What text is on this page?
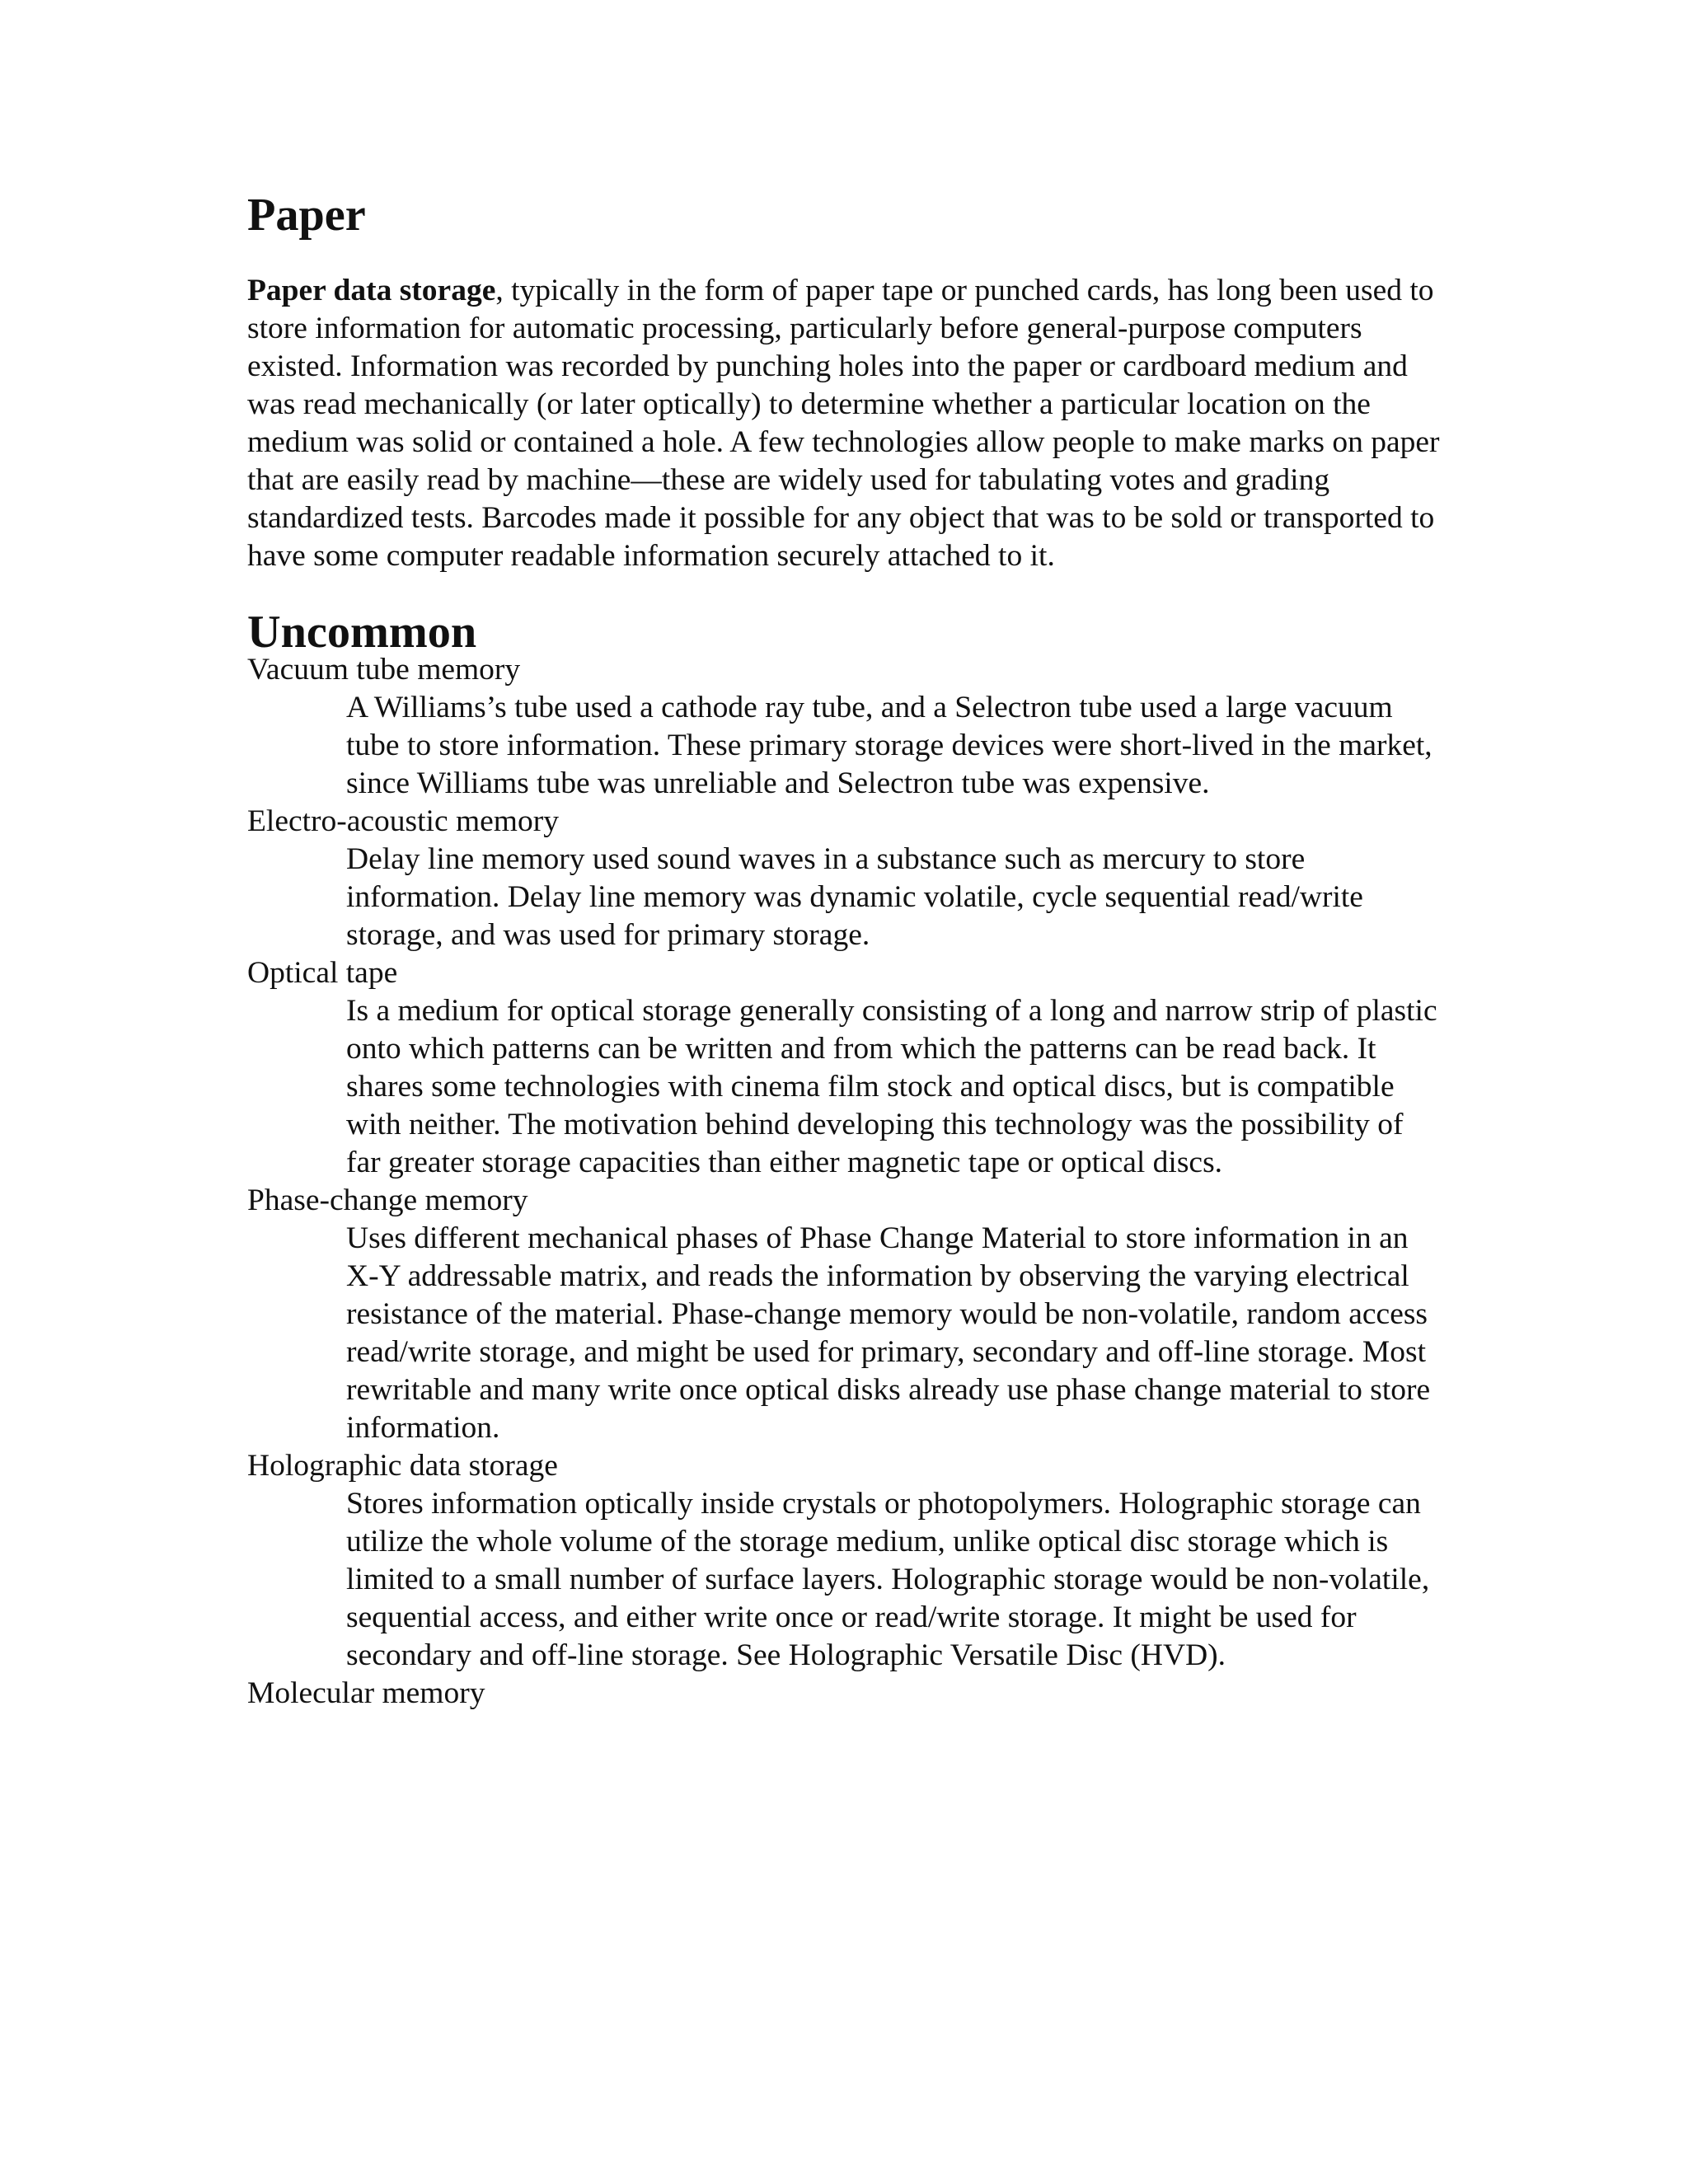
Paper

Paper data storage, typically in the form of paper tape or punched cards, has long been used to store information for automatic processing, particularly before general-purpose computers existed. Information was recorded by punching holes into the paper or cardboard medium and was read mechanically (or later optically) to determine whether a particular location on the medium was solid or contained a hole. A few technologies allow people to make marks on paper that are easily read by machine—these are widely used for tabulating votes and grading standardized tests. Barcodes made it possible for any object that was to be sold or transported to have some computer readable information securely attached to it.

Uncommon
Vacuum tube memory
A Williams’s tube used a cathode ray tube, and a Selectron tube used a large vacuum tube to store information. These primary storage devices were short-lived in the market, since Williams tube was unreliable and Selectron tube was expensive.
Electro-acoustic memory
Delay line memory used sound waves in a substance such as mercury to store information. Delay line memory was dynamic volatile, cycle sequential read/write storage, and was used for primary storage.
Optical tape
Is a medium for optical storage generally consisting of a long and narrow strip of plastic onto which patterns can be written and from which the patterns can be read back. It shares some technologies with cinema film stock and optical discs, but is compatible with neither. The motivation behind developing this technology was the possibility of far greater storage capacities than either magnetic tape or optical discs.
Phase-change memory
Uses different mechanical phases of Phase Change Material to store information in an X-Y addressable matrix, and reads the information by observing the varying electrical resistance of the material. Phase-change memory would be non-volatile, random access read/write storage, and might be used for primary, secondary and off-line storage. Most rewritable and many write once optical disks already use phase change material to store information.
Holographic data storage
Stores information optically inside crystals or photopolymers. Holographic storage can utilize the whole volume of the storage medium, unlike optical disc storage which is limited to a small number of surface layers. Holographic storage would be non-volatile, sequential access, and either write once or read/write storage. It might be used for secondary and off-line storage. See Holographic Versatile Disc (HVD).
Molecular memory
